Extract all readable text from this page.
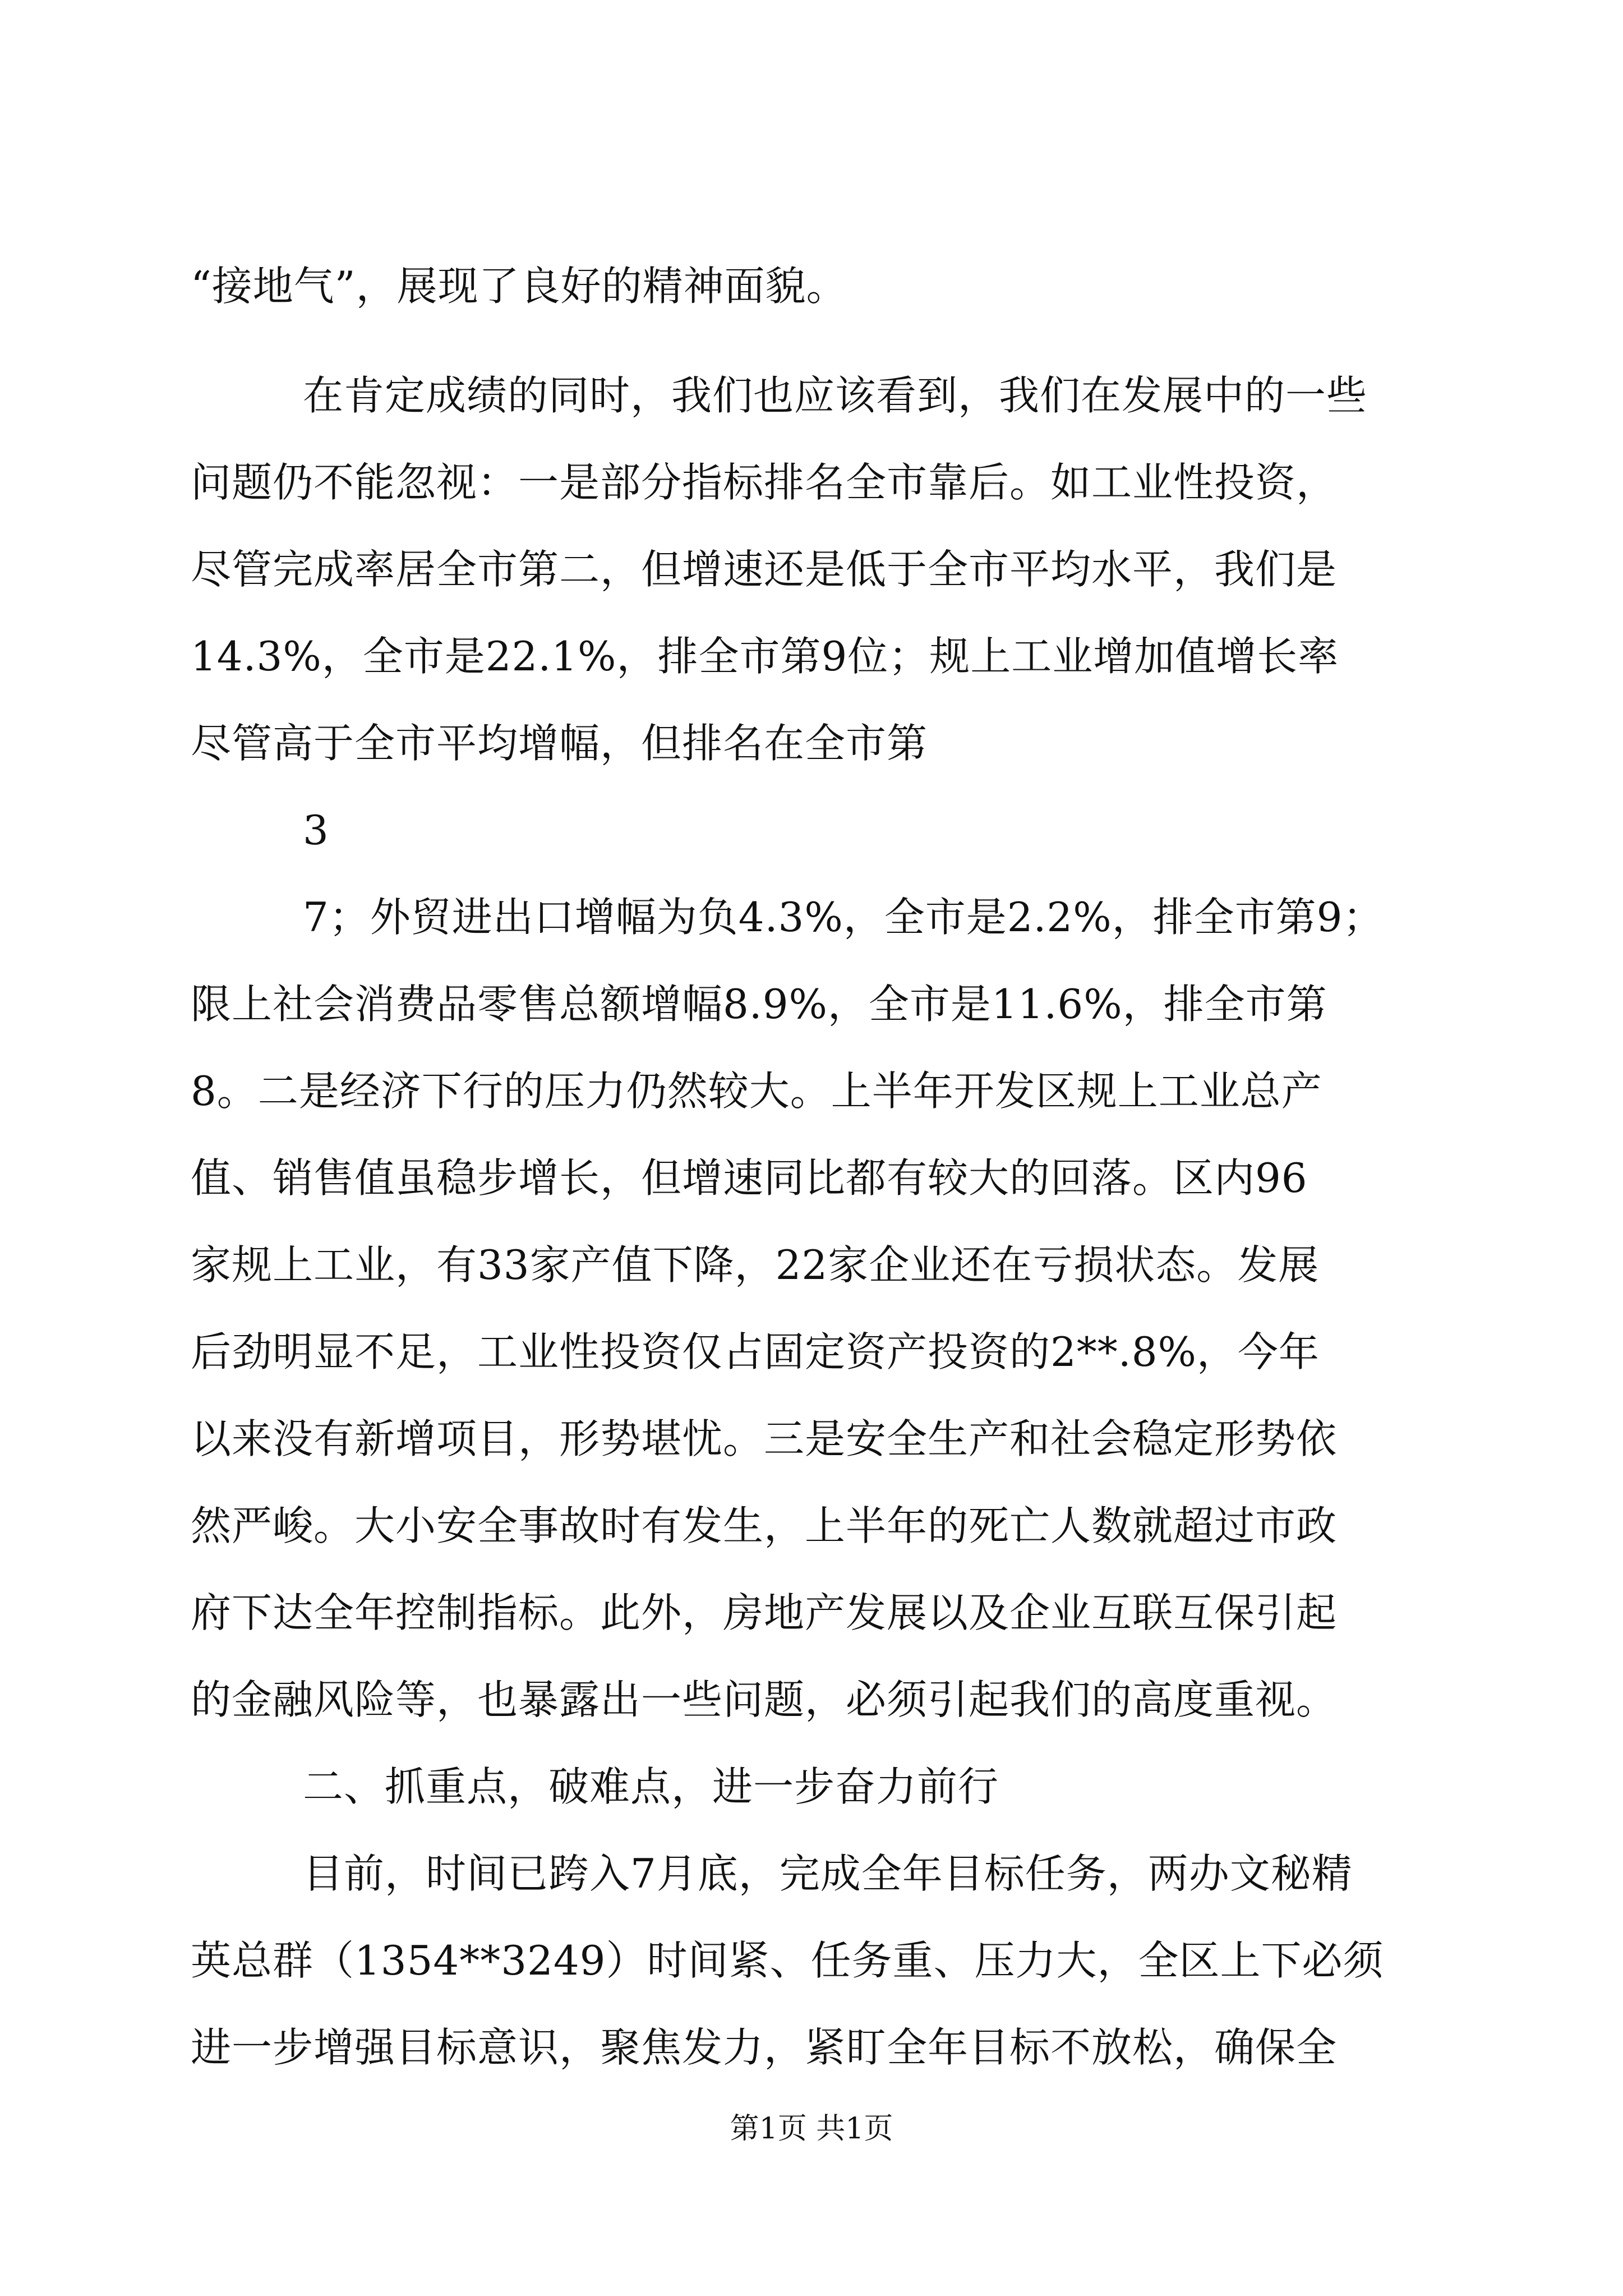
“接地气”，展现了良好的精神面貌。
在肯定成绩的同时，我们也应该看到，我们在发展中的一些
问题仍不能忽视：一是部分指标排名全市靠后。如工业性投资，
尽管完成率居全市第二，但增速还是低于全市平均水平，我们是
14.3%，全市是22.1%，排全市第9位；规上工业增加值增长率
尽管高于全市平均增幅，但排名在全市第
3
7；外贸进出口增幅为负4.3%，全市是2.2%，排全市第9；
限上社会消费品零售总额增幅8.9%，全市是11.6%，排全市第
8。二是经济下行的压力仍然较大。上半年开发区规上工业总产
值、销售值虽稳步增长，但增速同比都有较大的回落。区内96
家规上工业，有33家产值下降，22家企业还在亏损状态。发展
后劲明显不足，工业性投资仅占固定资产投资的2**.8%，今年
以来没有新增项目，形势堪忧。三是安全生产和社会稳定形势依
然严峻。大小安全事故时有发生，上半年的死亡人数就超过市政
府下达全年控制指标。此外，房地产发展以及企业互联互保引起
的金融风险等，也暴露出一些问题，必须引起我们的高度重视。
二、抓重点，破难点，进一步奋力前行
目前，时间已跨入7月底，完成全年目标任务，两办文秘精
英总群（1354**3249）时间紧、任务重、压力大，全区上下必须
进一步增强目标意识，聚焦发力，紧盯全年目标不放松，确保全
第1页 共1页
